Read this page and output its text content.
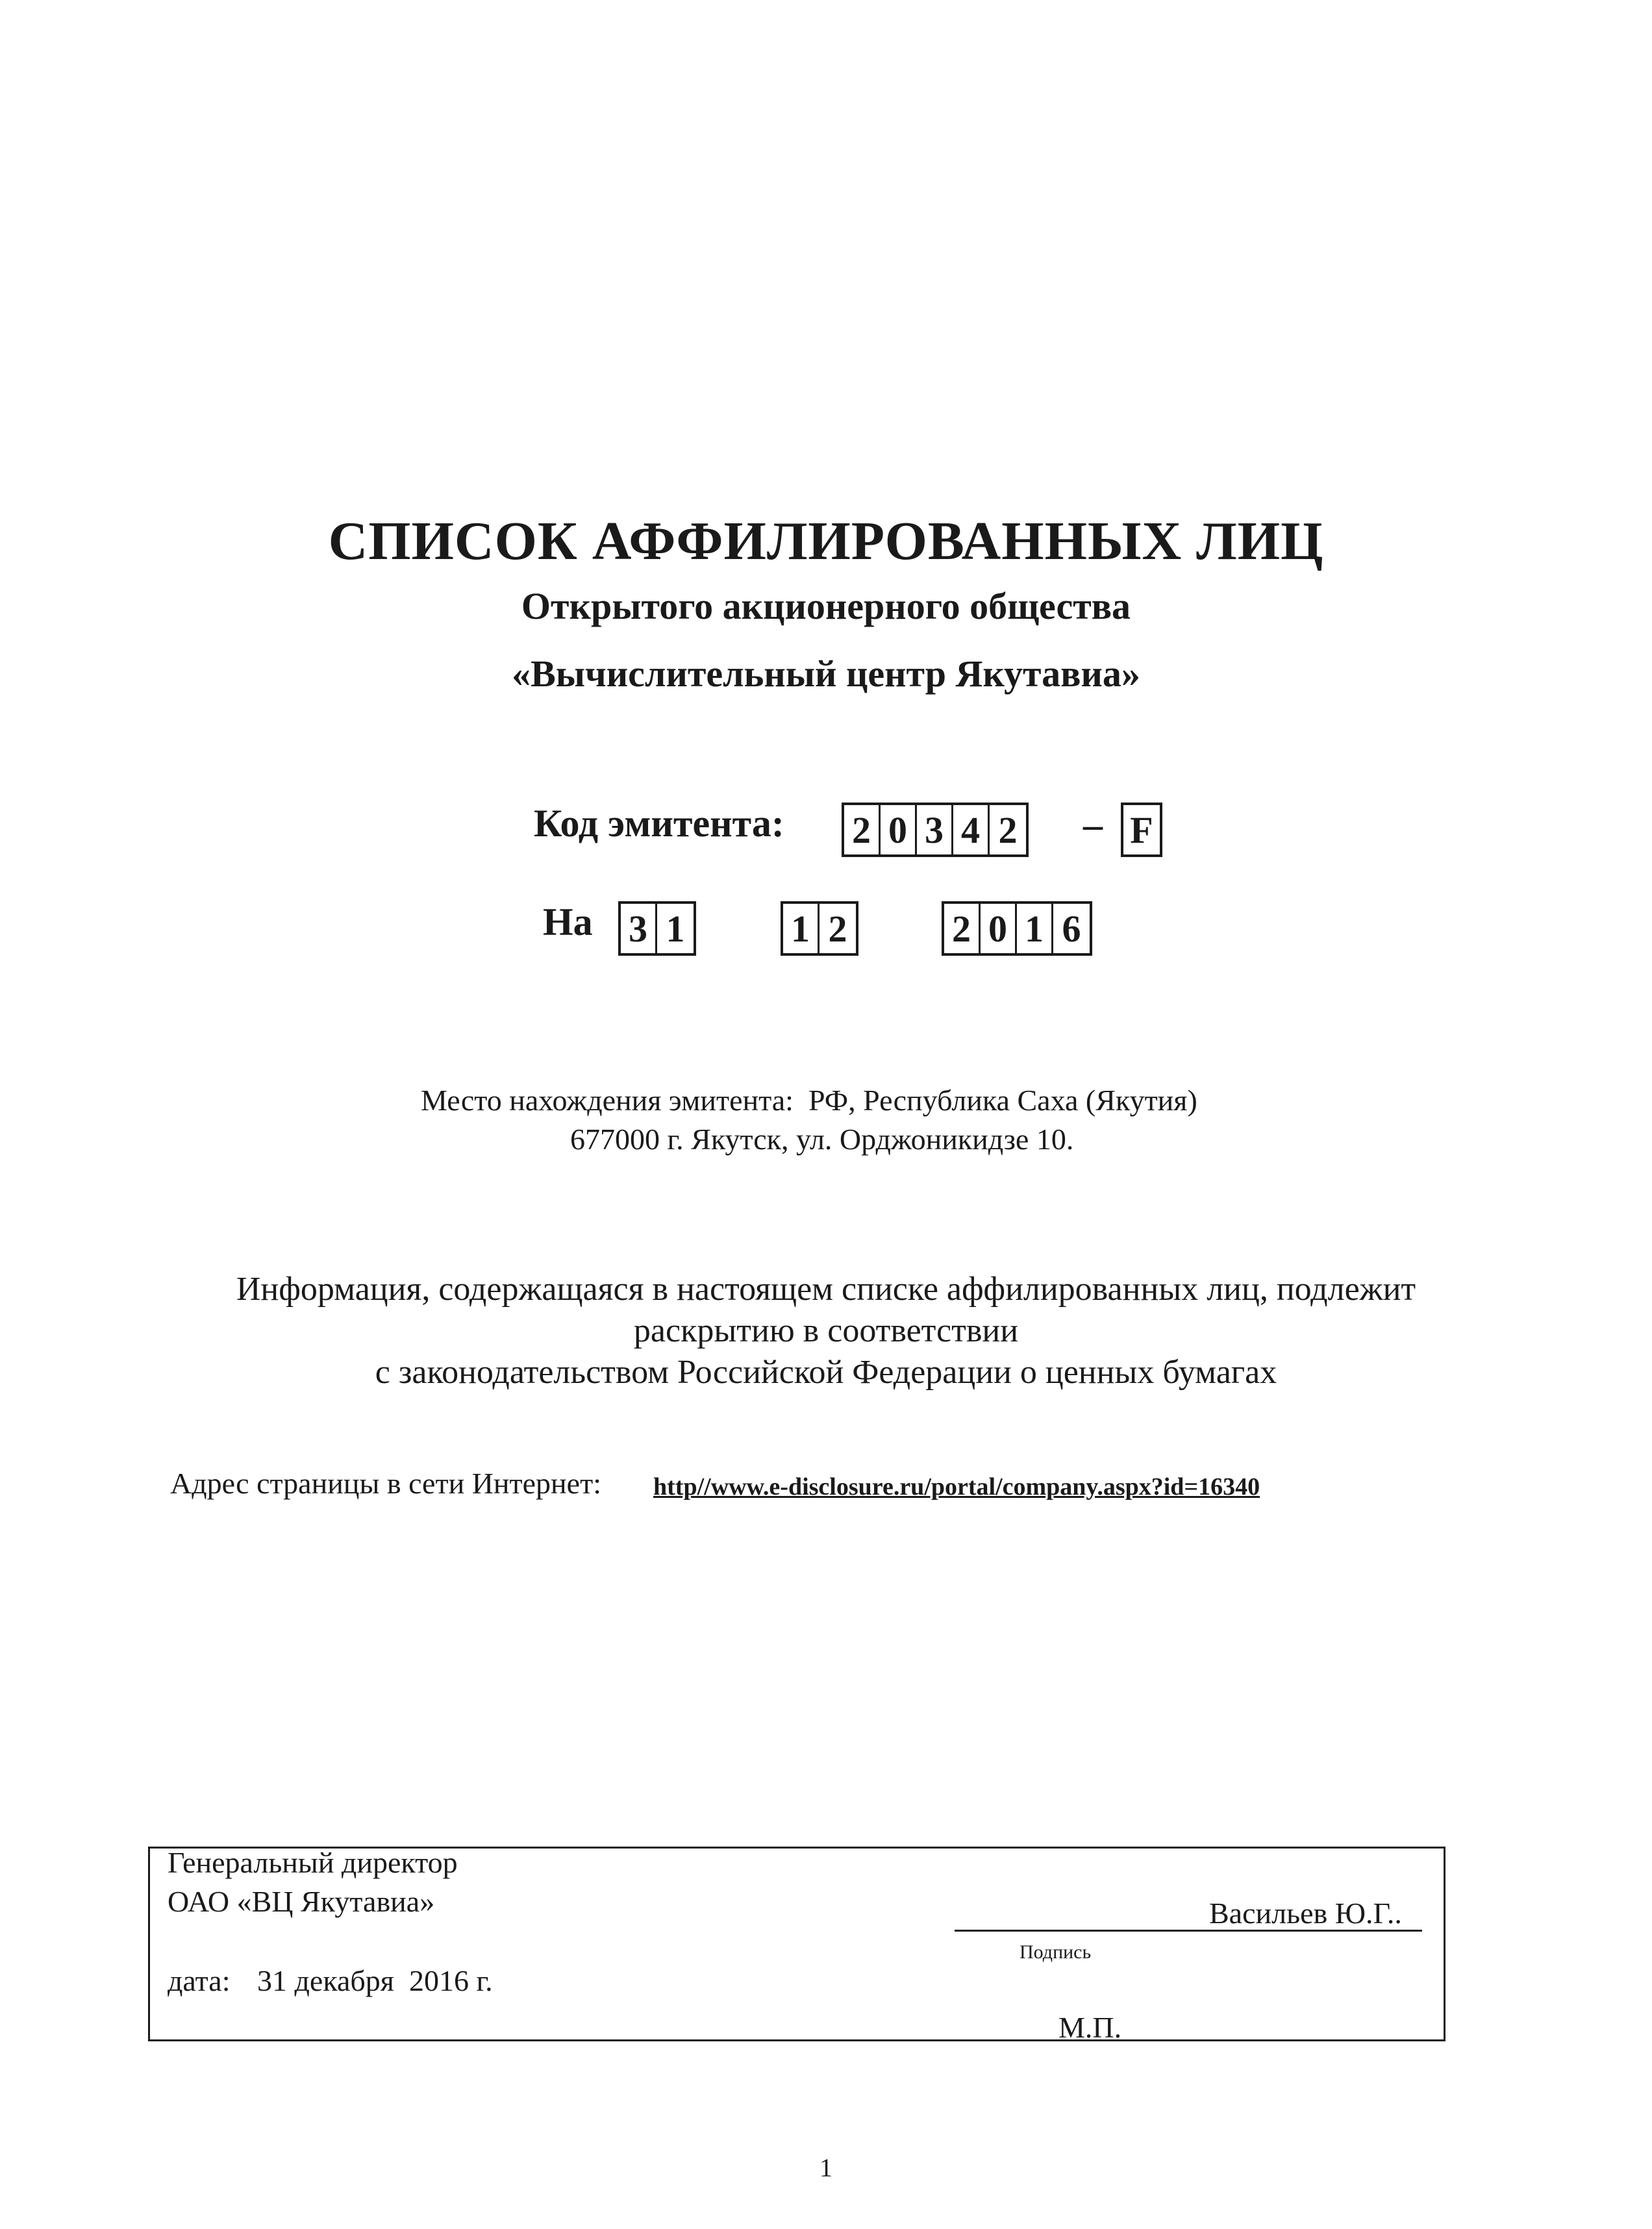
СПИСОК АФФИЛИРОВАННЫХ ЛИЦ
Открытого акционерного общества
«Вычислительный центр Якутавиа»
Код эмитента: 2 0 3 4 2 – F
На 3 1	1 2	2 0 1 6
Место нахождения эмитента:  РФ, Республика Саха (Якутия)
677000 г. Якутск, ул. Орджоникидзе 10.
Информация, содержащаяся в настоящем списке аффилированных лиц, подлежит
раскрытию в соответствии
с законодательством Российской Федерации о ценных бумагах
Адрес страницы в сети Интернет: http//www.e-disclosure.ru/portal/company.aspx?id=16340
Генеральный директор
ОАО «ВЦ Якутавиа»	Васильев Ю.Г..
Подпись
дата: 31 декабря  2016 г.
М.П.
1
